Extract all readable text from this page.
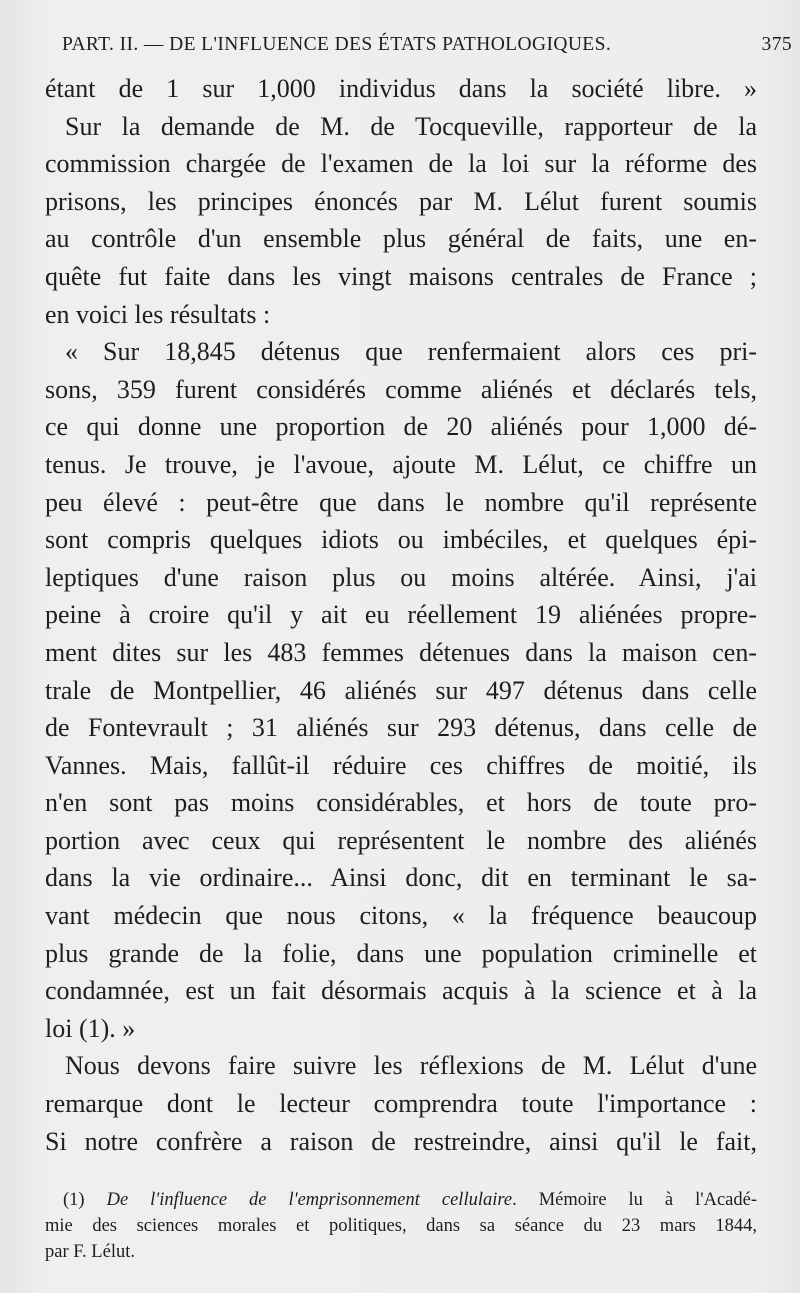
PART. II. — DE L'INFLUENCE DES ÉTATS PATHOLOGIQUES.	375
étant de 1 sur 1,000 individus dans la société libre. »
Sur la demande de M. de Tocqueville, rapporteur de la
commission chargée de l'examen de la loi sur la réforme des
prisons, les principes énoncés par M. Lélut furent soumis
au contrôle d'un ensemble plus général de faits, une en-
quête fut faite dans les vingt maisons centrales de France ;
en voici les résultats :
« Sur 18,845 détenus que renfermaient alors ces pri-
sons, 359 furent considérés comme aliénés et déclarés tels,
ce qui donne une proportion de 20 aliénés pour 1,000 dé-
tenus. Je trouve, je l'avoue, ajoute M. Lélut, ce chiffre un
peu élevé : peut-être que dans le nombre qu'il représente
sont compris quelques idiots ou imbéciles, et quelques épi-
leptiques d'une raison plus ou moins altérée. Ainsi, j'ai
peine à croire qu'il y ait eu réellement 19 aliénées propre-
ment dites sur les 483 femmes détenues dans la maison cen-
trale de Montpellier, 46 aliénés sur 497 détenus dans celle
de Fontevrault ; 31 aliénés sur 293 détenus, dans celle de
Vannes. Mais, fallût-il réduire ces chiffres de moitié, ils
n'en sont pas moins considérables, et hors de toute pro-
portion avec ceux qui représentent le nombre des aliénés
dans la vie ordinaire... Ainsi donc, dit en terminant le sa-
vant médecin que nous citons, « la fréquence beaucoup
plus grande de la folie, dans une population criminelle et
condamnée, est un fait désormais acquis à la science et à la
loi (1). »
Nous devons faire suivre les réflexions de M. Lélut d'une
remarque dont le lecteur comprendra toute l'importance :
Si notre confrère a raison de restreindre, ainsi qu'il le fait,
(1) De l'influence de l'emprisonnement cellulaire. Mémoire lu à l'Acadé-
mie des sciences morales et politiques, dans sa séance du 23 mars 1844,
par F. Lélut.
